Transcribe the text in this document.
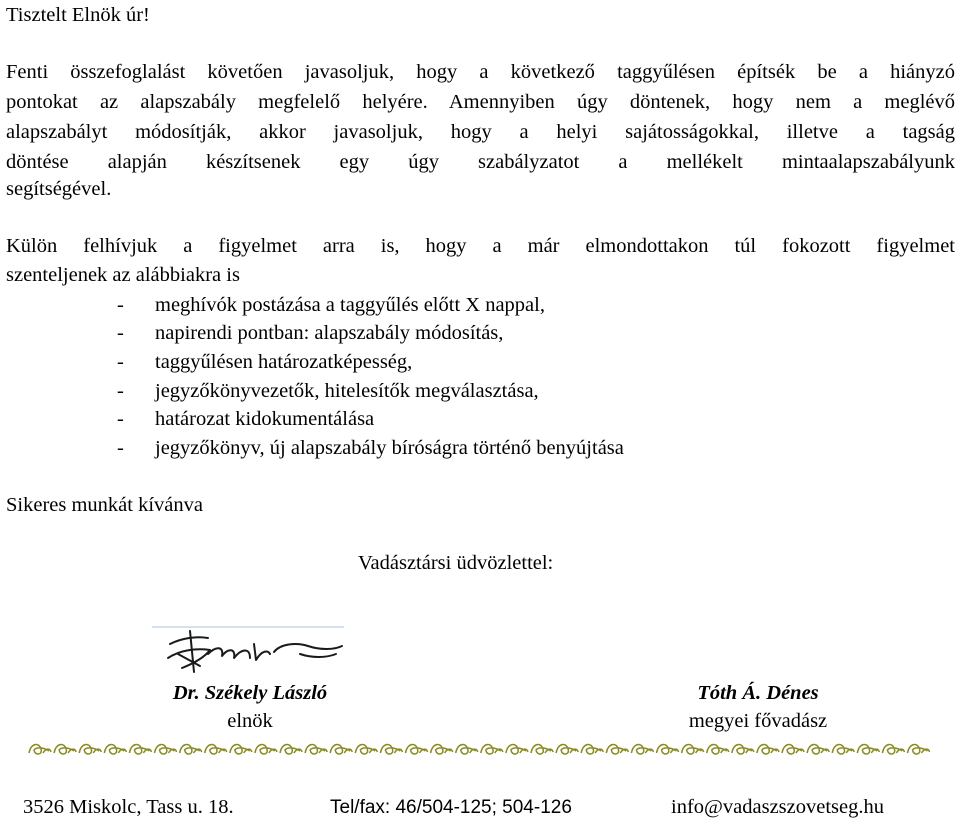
Tisztelt Elnök úr!
Fenti összefoglalást követően javasoljuk, hogy a következő taggyűlésen építsék be a hiányzó
pontokat az alapszabály megfelelő helyére. Amennyiben úgy döntenek, hogy nem a meglévő
alapszabályt módosítják, akkor javasoljuk, hogy a helyi sajátosságokkal, illetve a tagság
döntése alapján készítsenek egy úgy szabályzatot a mellékelt mintaalapszabályunk
segítségével.
Külön felhívjuk a figyelmet arra is, hogy a már elmondottakon túl fokozott figyelmet
szenteljenek az alábbiakra is
- meghívók postázása a taggyűlés előtt X nappal,
- napirendi pontban: alapszabály módosítás,
- taggyűlésen határozatképesség,
- jegyzőkönyvezetők, hitelesítők megválasztása,
- határozat kidokumentálása
- jegyzőkönyv, új alapszabály bíróságra történő benyújtása
Sikeres munkát kívánva
Vadásztársi üdvözlettel:
Dr. Székely László
elnök
Tóth Á. Dénes
megyei fővadász
3526 Miskolc, Tass u. 18.	Tel/fax: 46/504-125; 504-126	info@vadaszszovetseg.hu
